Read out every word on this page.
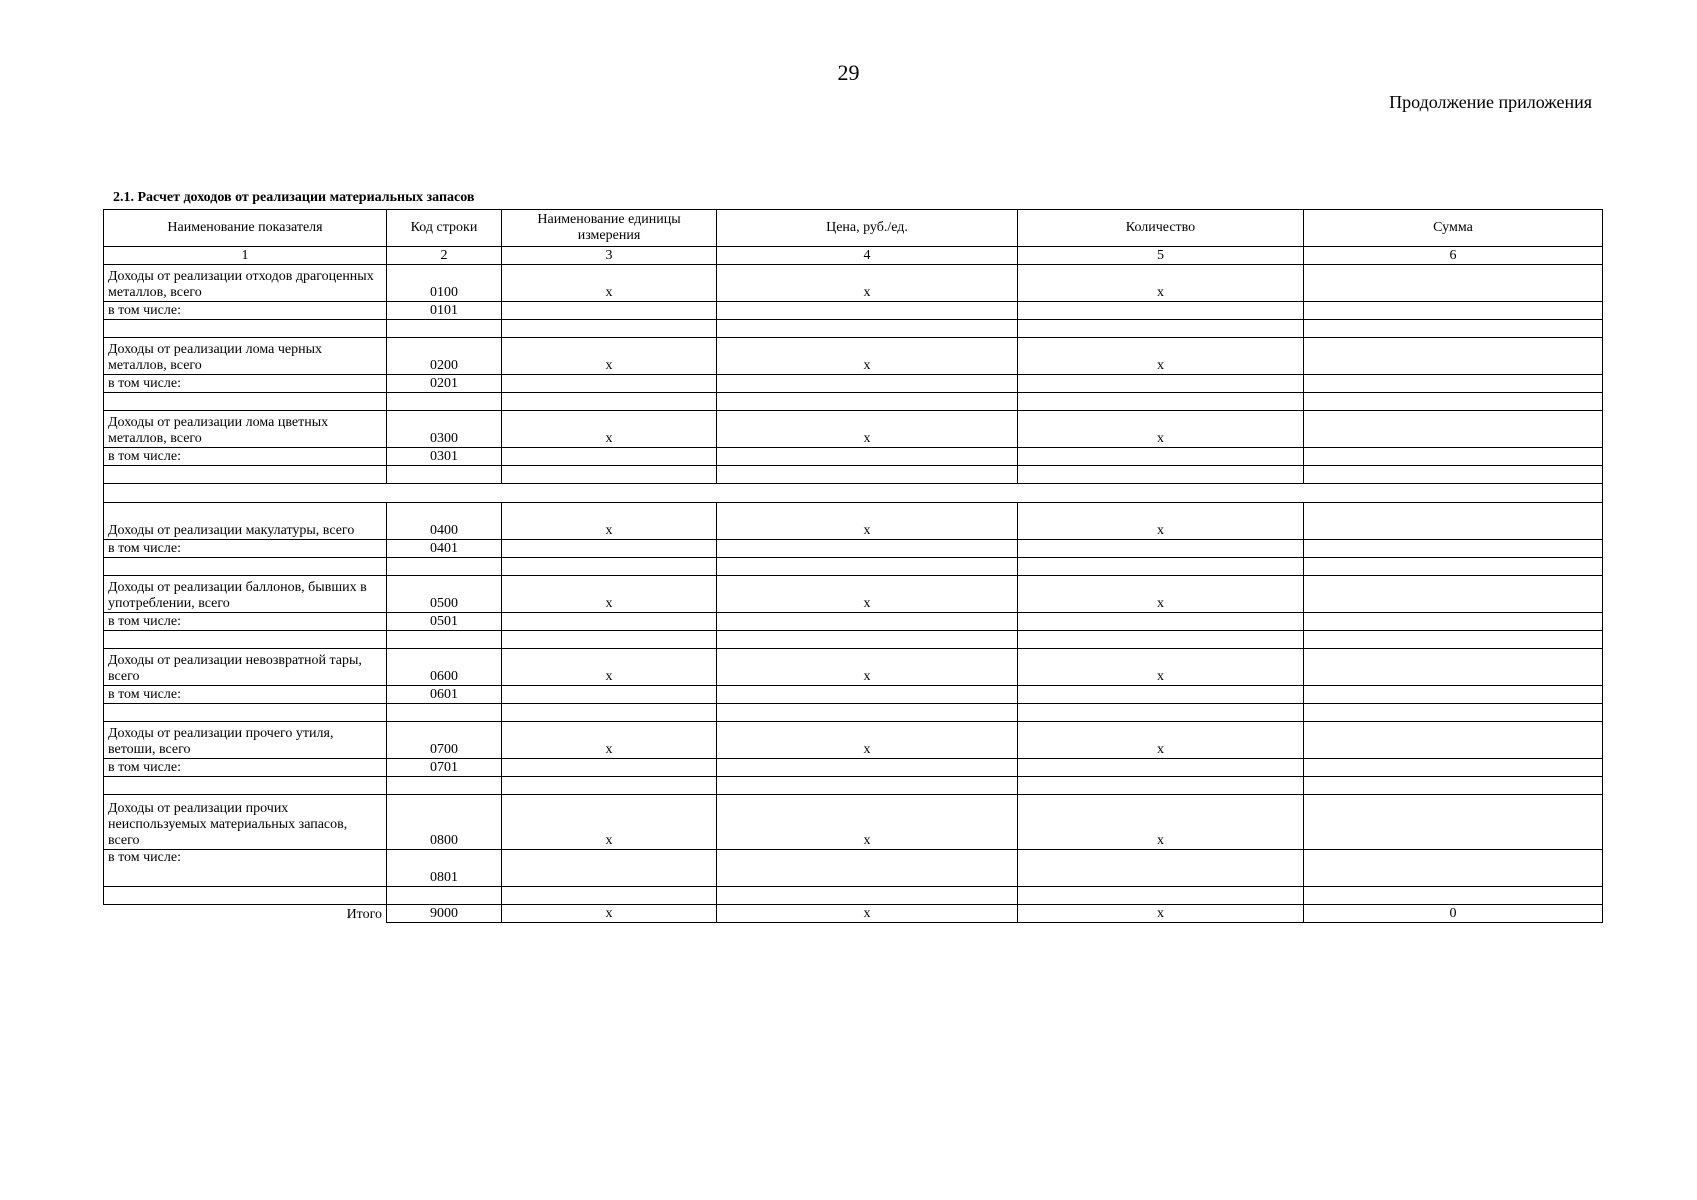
29
Продолжение приложения
2.1. Расчет доходов от реализации материальных запасов
Наименование показателя	Код строки	Наименование единицы измерения	Цена, руб./ед.	Количество	Сумма
1	2	3	4	5	6
Доходы от реализации отходов драгоценных металлов, всего	0100	x	x	x	
в том числе:	0101				

Доходы от реализации лома черных металлов, всего	0200	x	x	x	
в том числе:	0201				

Доходы от реализации лома цветных металлов, всего	0300	x	x	x	
в том числе:	0301				

Доходы от реализации макулатуры, всего	0400	x	x	x	
в том числе:	0401				

Доходы от реализации баллонов, бывших в употреблении, всего	0500	x	x	x	
в том числе:	0501				

Доходы от реализации невозвратной тары, всего	0600	x	x	x	
в том числе:	0601				

Доходы от реализации прочего утиля, ветоши, всего	0700	x	x	x	
в том числе:	0701				

Доходы от реализации прочих неиспользуемых материальных запасов, всего	0800	x	x	x	
в том числе:	0801				

Итого	9000	x	x	x	0
